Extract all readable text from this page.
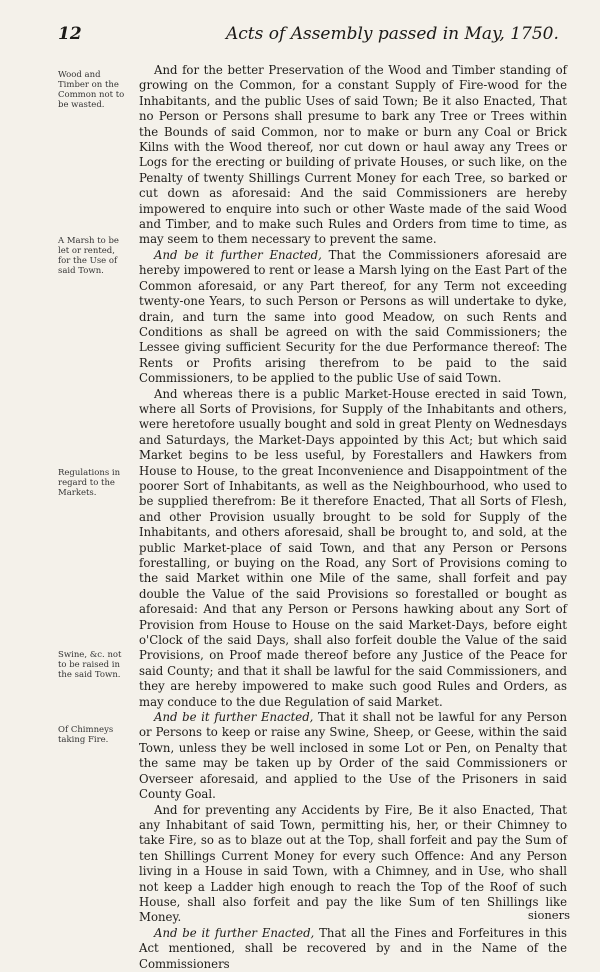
12	Acts of Assembly passed in May, 1750.
Wood and Timber on the Common not to be wasted.
A Marsh to be let or rented, for the Use of said Town.
Regulations in regard to the Markets.
Swine, &c. not to be raised in the said Town.
Of Chimneys taking Fire.

And for the better Preservation of the Wood and Timber standing of growing on the Common, for a constant Supply of Fire-wood for the Inhabitants, and the public Uses of said Town; Be it also Enacted, That no Person or Persons shall presume to bark any Tree or Trees within the Bounds of said Common, nor to make or burn any Coal or Brick Kilns with the Wood thereof, nor cut down or haul away any Trees or Logs for the erecting or building of private Houses, or such like, on the Penalty of twenty Shillings Current Money for each Tree, so barked or cut down as aforesaid: And the said Commissioners are hereby impowered to enquire into such or other Waste made of the said Wood and Timber, and to make such Rules and Orders from time to time, as may seem to them necessary to prevent the same.

And be it further Enacted, That the Commissioners aforesaid are hereby impowered to rent or lease a Marsh lying on the East Part of the Common aforesaid, or any Part thereof, for any Term not exceeding twenty-one Years, to such Person or Persons as will undertake to dyke, drain, and turn the same into good Meadow, on such Rents and Conditions as shall be agreed on with the said Commissioners; the Lessee giving sufficient Security for the due Performance thereof: The Rents or Profits arising therefrom to be paid to the said Commissioners, to be applied to the public Use of said Town.

And whereas there is a public Market-House erected in said Town, where all Sorts of Provisions, for Supply of the Inhabitants and others, were heretofore usually bought and sold in great Plenty on Wednesdays and Saturdays, the Market-Days appointed by this Act; but which said Market begins to be less useful, by Forestallers and Hawkers from House to House, to the great Inconvenience and Disappointment of the poorer Sort of Inhabitants, as well as the Neighbourhood, who used to be supplied therefrom: Be it therefore Enacted, That all Sorts of Flesh, and other Provision usually brought to be sold for Supply of the Inhabitants, and others aforesaid, shall be brought to, and sold, at the public Market-place of said Town, and that any Person or Persons forestalling, or buying on the Road, any Sort of Provisions coming to the said Market within one Mile of the same, shall forfeit and pay double the Value of the said Provisions so forestalled or bought as aforesaid: And that any Person or Persons hawking about any Sort of Provision from House to House on the said Market-Days, before eight o'Clock of the said Days, shall also forfeit double the Value of the said Provisions, on Proof made thereof before any Justice of the Peace for said County; and that it shall be lawful for the said Commissioners, and they are hereby impowered to make such good Rules and Orders, as may conduce to the due Regulation of said Market.

And be it further Enacted, That it shall not be lawful for any Person or Persons to keep or raise any Swine, Sheep, or Geese, within the said Town, unless they be well inclosed in some Lot or Pen, on Penalty that the same may be taken up by Order of the said Commissioners or Overseer aforesaid, and applied to the Use of the Prisoners in said County Goal.

And for preventing any Accidents by Fire, Be it also Enacted, That any Inhabitant of said Town, permitting his, her, or their Chimney to take Fire, so as to blaze out at the Top, shall forfeit and pay the Sum of ten Shillings Current Money for every such Offence: And any Person living in a House in said Town, with a Chimney, and in Use, who shall not keep a Ladder high enough to reach the Top of the Roof of such House, shall also forfeit and pay the like Sum of ten Shillings like Money.

And be it further Enacted, That all the Fines and Forfeitures in this Act mentioned, shall be recovered by and in the Name of the Commissioners

sioners
